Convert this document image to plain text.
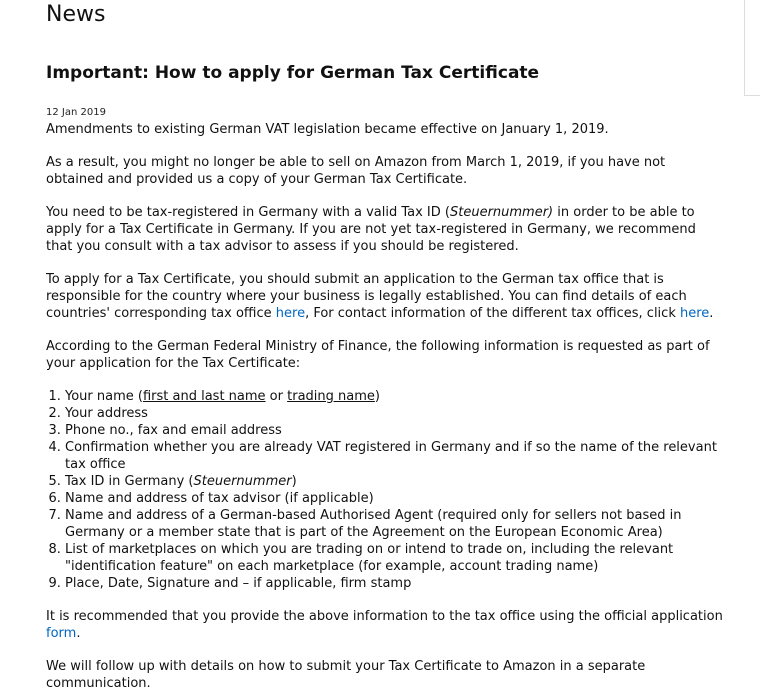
News
Important: How to apply for German Tax Certificate
12 Jan 2019

Amendments to existing German VAT legislation became effective on January 1, 2019.

As a result, you might no longer be able to sell on Amazon from March 1, 2019, if you have not obtained and provided us a copy of your German Tax Certificate.

You need to be tax-registered in Germany with a valid Tax ID (Steuernummer) in order to be able to apply for a Tax Certificate in Germany. If you are not yet tax-registered in Germany, we recommend that you consult with a tax advisor to assess if you should be registered.

To apply for a Tax Certificate, you should submit an application to the German tax office that is responsible for the country where your business is legally established. You can find details of each countries' corresponding tax office here, For contact information of the different tax offices, click here.

According to the German Federal Ministry of Finance, the following information is requested as part of your application for the Tax Certificate:

1. Your name (first and last name or trading name)
2. Your address
3. Phone no., fax and email address
4. Confirmation whether you are already VAT registered in Germany and if so the name of the relevant tax office
5. Tax ID in Germany (Steuernummer)
6. Name and address of tax advisor (if applicable)
7. Name and address of a German-based Authorised Agent (required only for sellers not based in Germany or a member state that is part of the Agreement on the European Economic Area)
8. List of marketplaces on which you are trading on or intend to trade on, including the relevant "identification feature" on each marketplace (for example, account trading name)
9. Place, Date, Signature and – if applicable, firm stamp

It is recommended that you provide the above information to the tax office using the official application form.

We will follow up with details on how to submit your Tax Certificate to Amazon in a separate communication.
